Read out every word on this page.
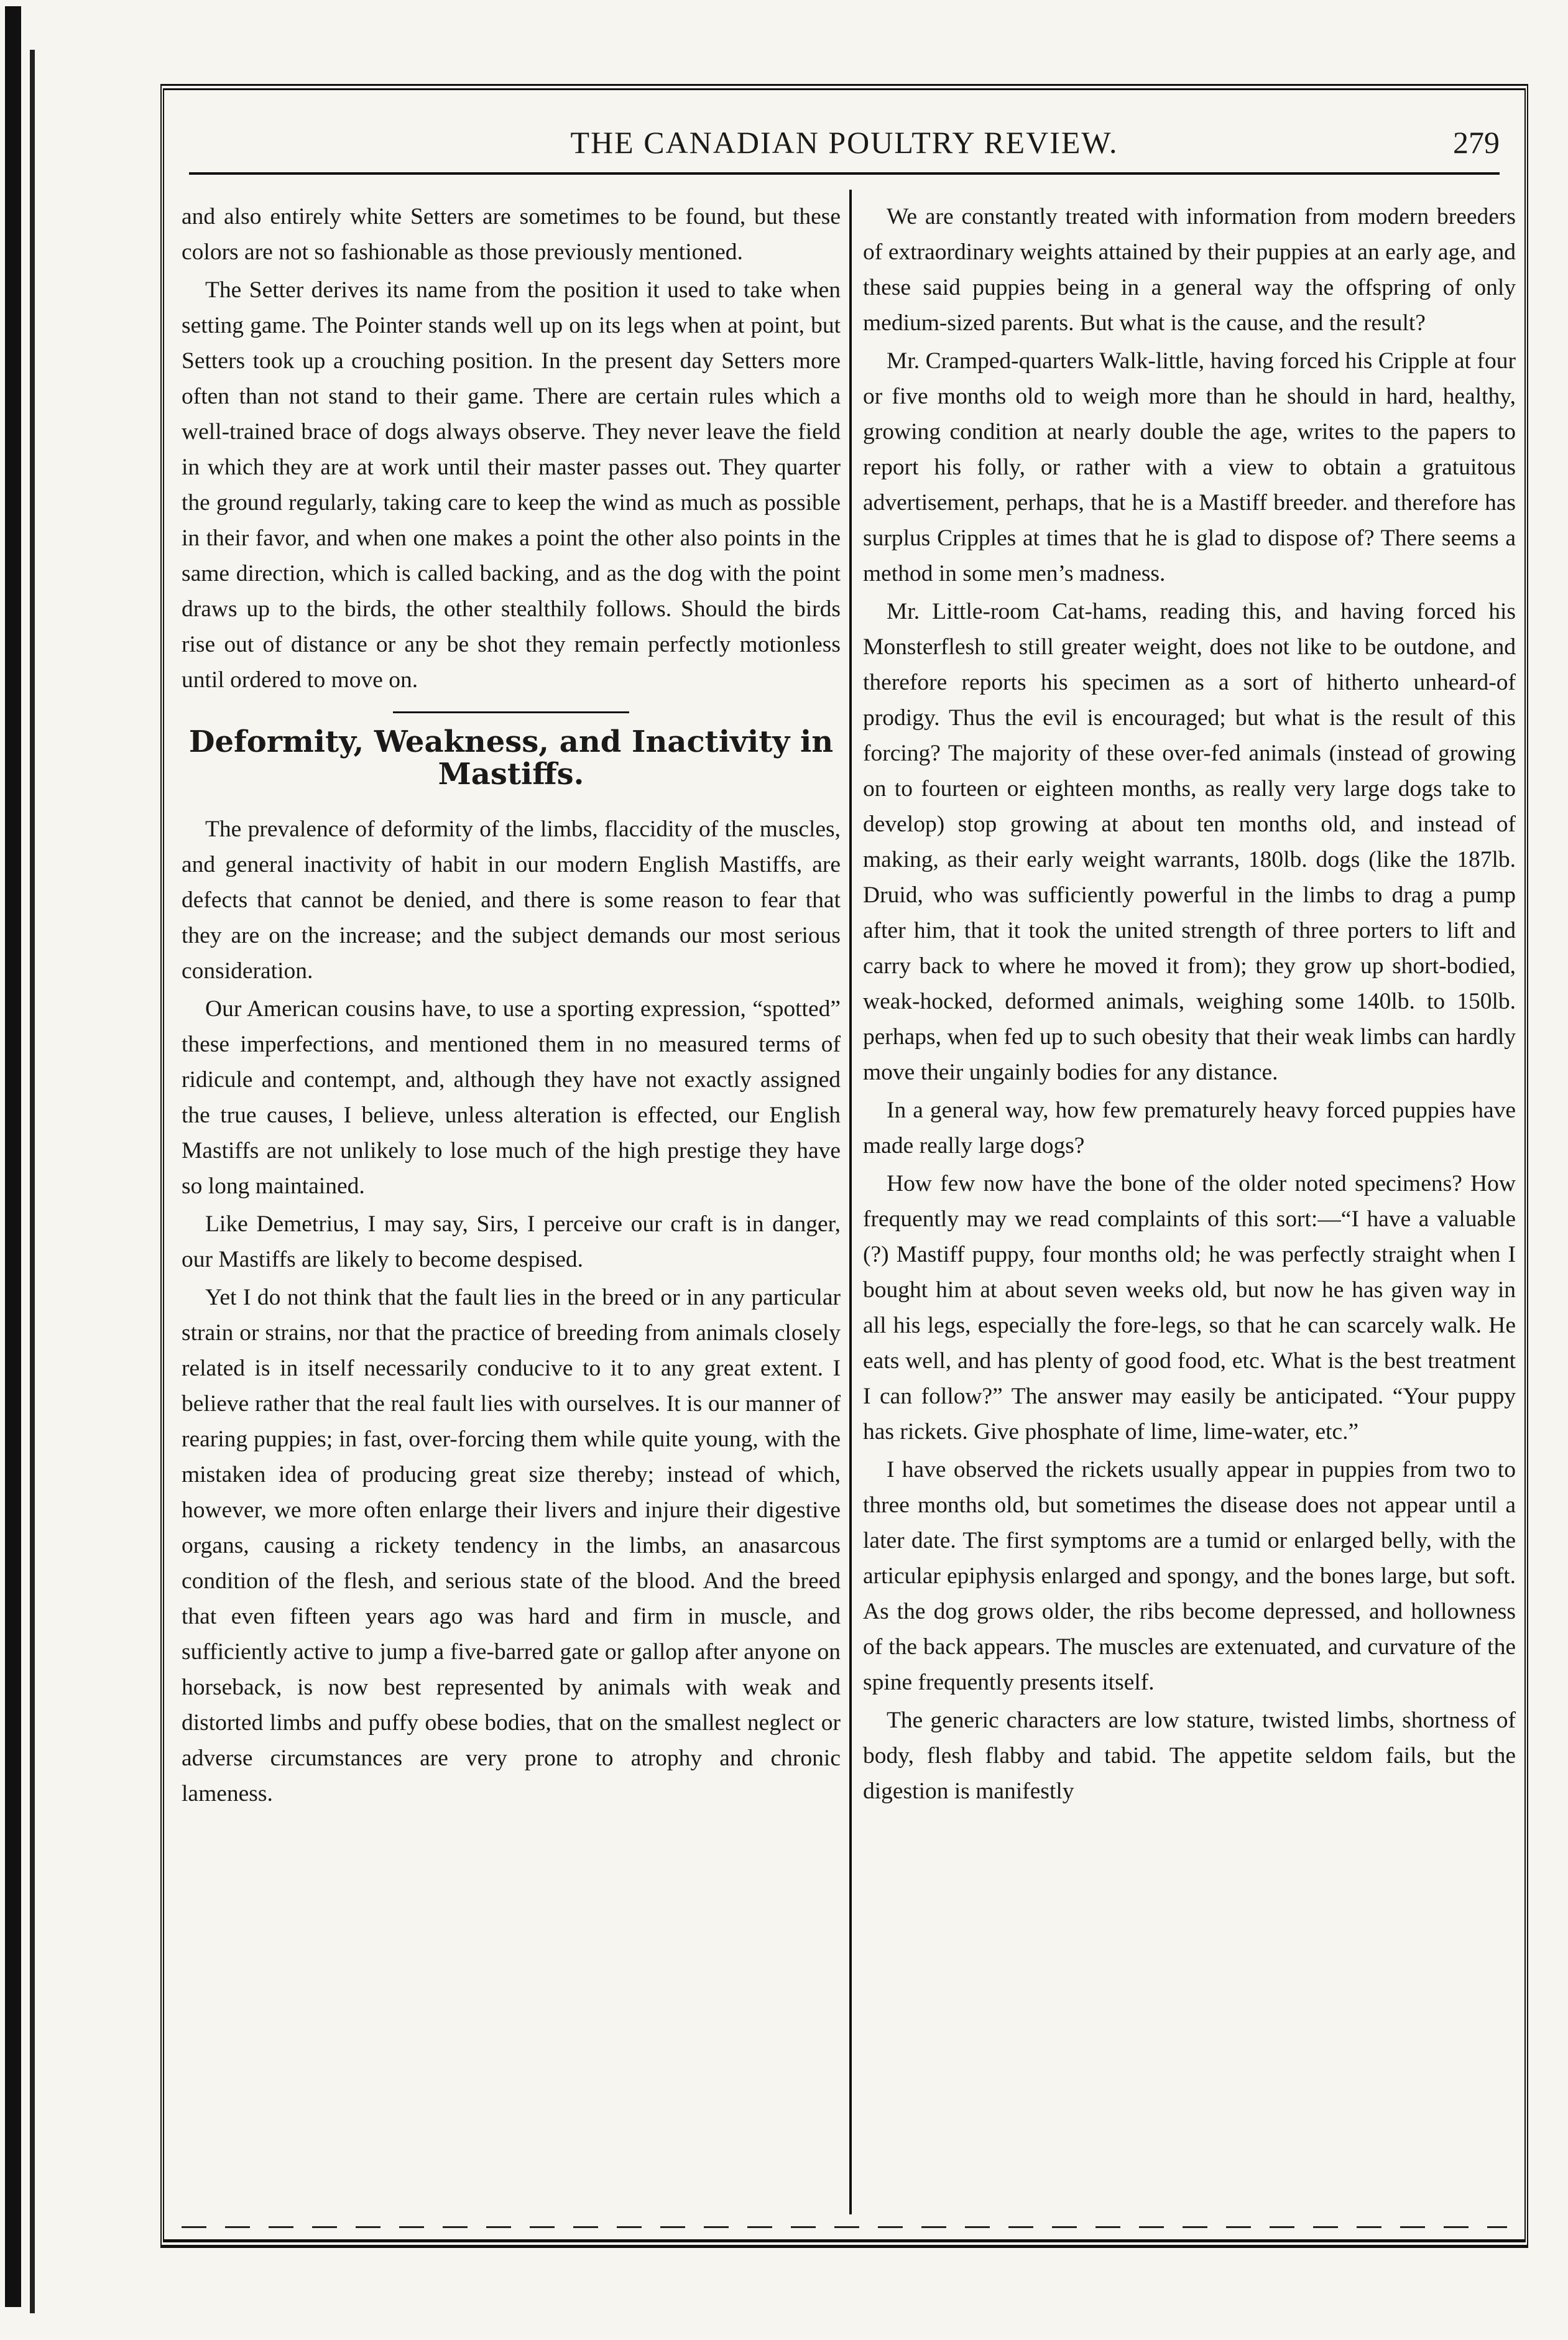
THE CANADIAN POULTRY REVIEW.	279

and also entirely white Setters are sometimes to be found, but these colors are not so fashionable as those previously mentioned.

The Setter derives its name from the position it used to take when setting game. The Pointer stands well up on its legs when at point, but Setters took up a crouching position. In the present day Setters more often than not stand to their game. There are certain rules which a well-trained brace of dogs always observe. They never leave the field in which they are at work until their master passes out. They quarter the ground regularly, taking care to keep the wind as much as possible in their favor, and when one makes a point the other also points in the same direction, which is called backing, and as the dog with the point draws up to the birds, the other stealthily follows. Should the birds rise out of distance or any be shot they remain perfectly motionless until ordered to move on.

Deformity, Weakness, and Inactivity in Mastiffs.

The prevalence of deformity of the limbs, flaccidity of the muscles, and general inactivity of habit in our modern English Mastiffs, are defects that cannot be denied, and there is some reason to fear that they are on the increase; and the subject demands our most serious consideration.

Our American cousins have, to use a sporting expression, “spotted” these imperfections, and mentioned them in no measured terms of ridicule and contempt, and, although they have not exactly assigned the true causes, I believe, unless alteration is effected, our English Mastiffs are not unlikely to lose much of the high prestige they have so long maintained.

Like Demetrius, I may say, Sirs, I perceive our craft is in danger, our Mastiffs are likely to become despised.

Yet I do not think that the fault lies in the breed or in any particular strain or strains, nor that the practice of breeding from animals closely related is in itself necessarily conducive to it to any great extent. I believe rather that the real fault lies with ourselves. It is our manner of rearing puppies; in fast, over-forcing them while quite young, with the mistaken idea of producing great size thereby; instead of which, however, we more often enlarge their livers and injure their digestive organs, causing a rickety tendency in the limbs, an anasarcous condition of the flesh, and serious state of the blood. And the breed that even fifteen years ago was hard and firm in muscle, and sufficiently active to jump a five-barred gate or gallop after anyone on horseback, is now best represented by animals with weak and distorted limbs and puffy obese bodies, that on the smallest neglect or adverse circumstances are very prone to atrophy and chronic lameness.

We are constantly treated with information from modern breeders of extraordinary weights attained by their puppies at an early age, and these said puppies being in a general way the offspring of only medium-sized parents. But what is the cause, and the result?

Mr. Cramped-quarters Walk-little, having forced his Cripple at four or five months old to weigh more than he should in hard, healthy, growing condition at nearly double the age, writes to the papers to report his folly, or rather with a view to obtain a gratuitous advertisement, perhaps, that he is a Mastiff breeder. and therefore has surplus Cripples at times that he is glad to dispose of? There seems a method in some men’s madness.

Mr. Little-room Cat-hams, reading this, and having forced his Monsterflesh to still greater weight, does not like to be outdone, and therefore reports his specimen as a sort of hitherto unheard-of prodigy. Thus the evil is encouraged; but what is the result of this forcing? The majority of these over-fed animals (instead of growing on to fourteen or eighteen months, as really very large dogs take to develop) stop growing at about ten months old, and instead of making, as their early weight warrants, 180lb. dogs (like the 187lb. Druid, who was sufficiently powerful in the limbs to drag a pump after him, that it took the united strength of three porters to lift and carry back to where he moved it from); they grow up short-bodied, weak-hocked, deformed animals, weighing some 140lb. to 150lb. perhaps, when fed up to such obesity that their weak limbs can hardly move their ungainly bodies for any distance.

In a general way, how few prematurely heavy forced puppies have made really large dogs?

How few now have the bone of the older noted specimens? How frequently may we read complaints of this sort:—“I have a valuable (?) Mastiff puppy, four months old; he was perfectly straight when I bought him at about seven weeks old, but now he has given way in all his legs, especially the fore-legs, so that he can scarcely walk. He eats well, and has plenty of good food, etc. What is the best treatment I can follow?” The answer may easily be anticipated. “Your puppy has rickets. Give phosphate of lime, lime-water, etc.”

I have observed the rickets usually appear in puppies from two to three months old, but sometimes the disease does not appear until a later date. The first symptoms are a tumid or enlarged belly, with the articular epiphysis enlarged and spongy, and the bones large, but soft. As the dog grows older, the ribs become depressed, and hollowness of the back appears. The muscles are extenuated, and curvature of the spine frequently presents itself.

The generic characters are low stature, twisted limbs, shortness of body, flesh flabby and tabid. The appetite seldom fails, but the digestion is manifestly
